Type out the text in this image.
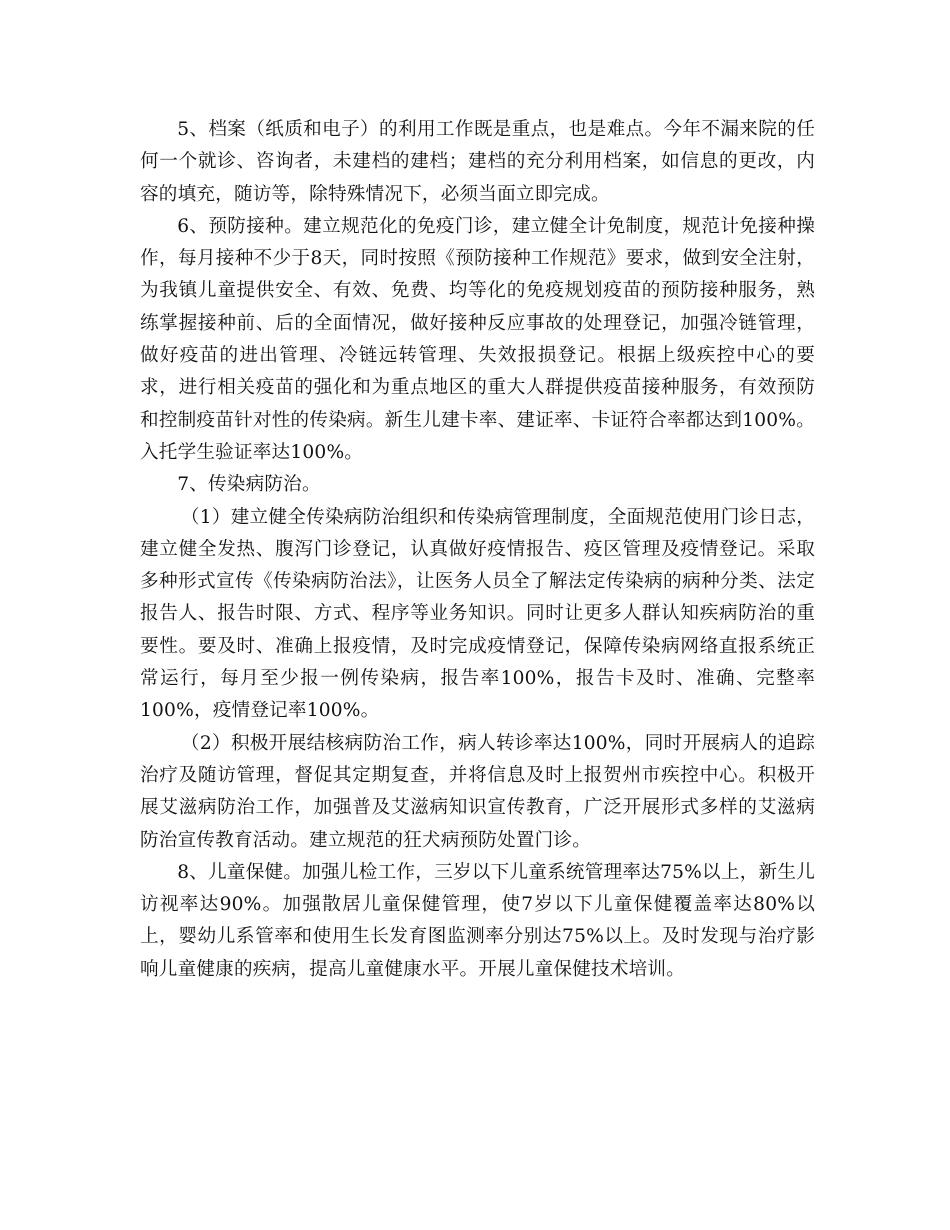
5、档案（纸质和电子）的利用工作既是重点，也是难点。今年不漏来院的任何一个就诊、咨询者，未建档的建档；建档的充分利用档案，如信息的更改，内容的填充，随访等，除特殊情况下，必须当面立即完成。

6、预防接种。建立规范化的免疫门诊，建立健全计免制度，规范计免接种操作，每月接种不少于8天，同时按照《预防接种工作规范》要求，做到安全注射，为我镇儿童提供安全、有效、免费、均等化的免疫规划疫苗的预防接种服务，熟练掌握接种前、后的全面情况，做好接种反应事故的处理登记，加强冷链管理，做好疫苗的进出管理、冷链远转管理、失效报损登记。根据上级疾控中心的要求，进行相关疫苗的强化和为重点地区的重大人群提供疫苗接种服务，有效预防和控制疫苗针对性的传染病。新生儿建卡率、建证率、卡证符合率都达到100%。入托学生验证率达100%。

7、传染病防治。

（1）建立健全传染病防治组织和传染病管理制度，全面规范使用门诊日志，建立健全发热、腹泻门诊登记，认真做好疫情报告、疫区管理及疫情登记。采取多种形式宣传《传染病防治法》，让医务人员全了解法定传染病的病种分类、法定报告人、报告时限、方式、程序等业务知识。同时让更多人群认知疾病防治的重要性。要及时、准确上报疫情，及时完成疫情登记，保障传染病网络直报系统正常运行，每月至少报一例传染病，报告率100%，报告卡及时、准确、完整率100%，疫情登记率100%。

（2）积极开展结核病防治工作，病人转诊率达100%，同时开展病人的追踪治疗及随访管理，督促其定期复查，并将信息及时上报贺州市疾控中心。积极开展艾滋病防治工作，加强普及艾滋病知识宣传教育，广泛开展形式多样的艾滋病防治宣传教育活动。建立规范的狂犬病预防处置门诊。

8、儿童保健。加强儿检工作，三岁以下儿童系统管理率达75%以上，新生儿访视率达90%。加强散居儿童保健管理，使7岁以下儿童保健覆盖率达80%以上，婴幼儿系管率和使用生长发育图监测率分别达75%以上。及时发现与治疗影响儿童健康的疾病，提高儿童健康水平。开展儿童保健技术培训。
